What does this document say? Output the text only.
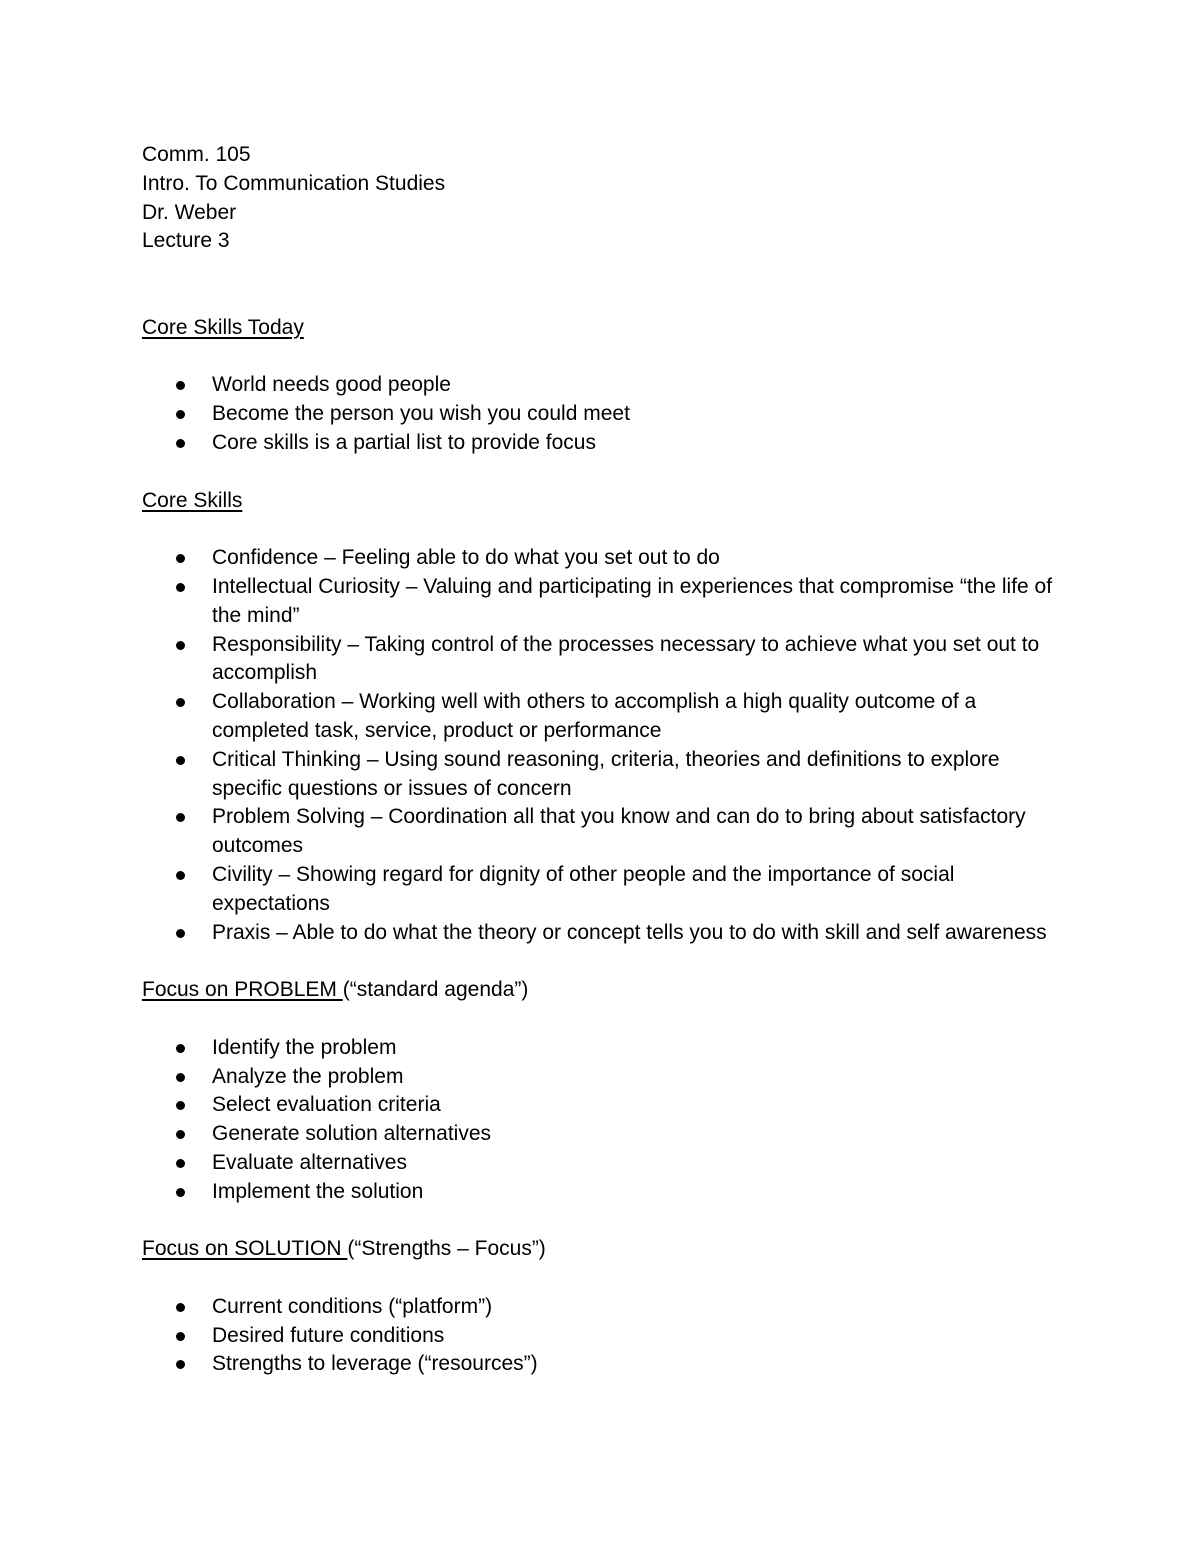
Comm. 105
Intro. To Communication Studies
Dr. Weber
Lecture 3

Core Skills Today

World needs good people
Become the person you wish you could meet
Core skills is a partial list to provide focus

Core Skills

Confidence – Feeling able to do what you set out to do
Intellectual Curiosity – Valuing and participating in experiences that compromise “the life of the mind”
Responsibility – Taking control of the processes necessary to achieve what you set out to accomplish
Collaboration – Working well with others to accomplish a high quality outcome of a completed task, service, product or performance
Critical Thinking – Using sound reasoning, criteria, theories and definitions to explore specific questions or issues of concern
Problem Solving – Coordination all that you know and can do to bring about satisfactory outcomes
Civility – Showing regard for dignity of other people and the importance of social expectations
Praxis – Able to do what the theory or concept tells you to do with skill and self awareness

Focus on PROBLEM (“standard agenda”)

Identify the problem
Analyze the problem
Select evaluation criteria
Generate solution alternatives
Evaluate alternatives
Implement the solution

Focus on SOLUTION (“Strengths – Focus”)

Current conditions (“platform”)
Desired future conditions
Strengths to leverage (“resources”)
